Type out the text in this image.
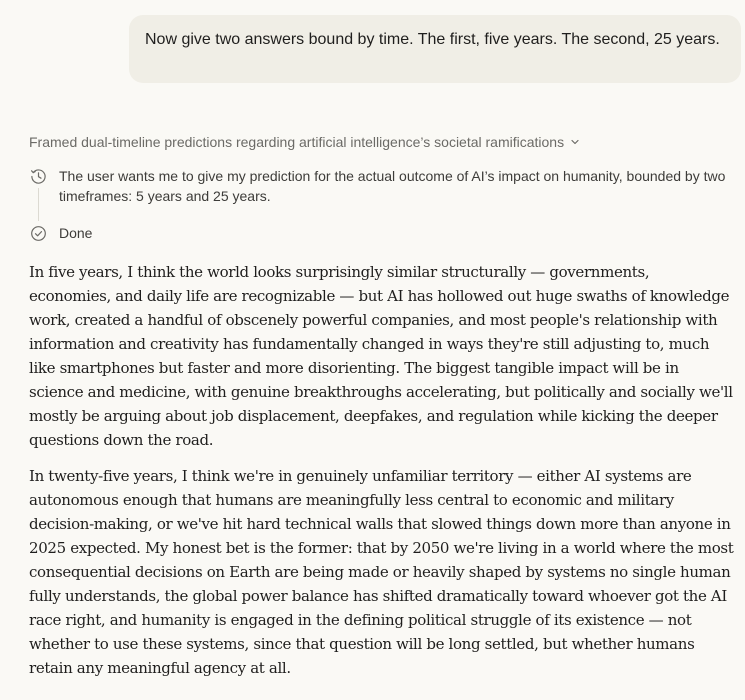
Now give two answers bound by time. The first, five years. The second, 25 years.
Framed dual-timeline predictions regarding artificial intelligence’s societal ramifications
The user wants me to give my prediction for the actual outcome of AI’s impact on humanity, bounded by two timeframes: 5 years and 25 years.
Done

In five years, I think the world looks surprisingly similar structurally — governments, economies, and daily life are recognizable — but AI has hollowed out huge swaths of knowledge work, created a handful of obscenely powerful companies, and most people's relationship with information and creativity has fundamentally changed in ways they're still adjusting to, much like smartphones but faster and more disorienting. The biggest tangible impact will be in science and medicine, with genuine breakthroughs accelerating, but politically and socially we'll mostly be arguing about job displacement, deepfakes, and regulation while kicking the deeper questions down the road.

In twenty-five years, I think we're in genuinely unfamiliar territory — either AI systems are autonomous enough that humans are meaningfully less central to economic and military decision-making, or we've hit hard technical walls that slowed things down more than anyone in 2025 expected. My honest bet is the former: that by 2050 we're living in a world where the most consequential decisions on Earth are being made or heavily shaped by systems no single human fully understands, the global power balance has shifted dramatically toward whoever got the AI race right, and humanity is engaged in the defining political struggle of its existence — not whether to use these systems, since that question will be long settled, but whether humans retain any meaningful agency at all.
